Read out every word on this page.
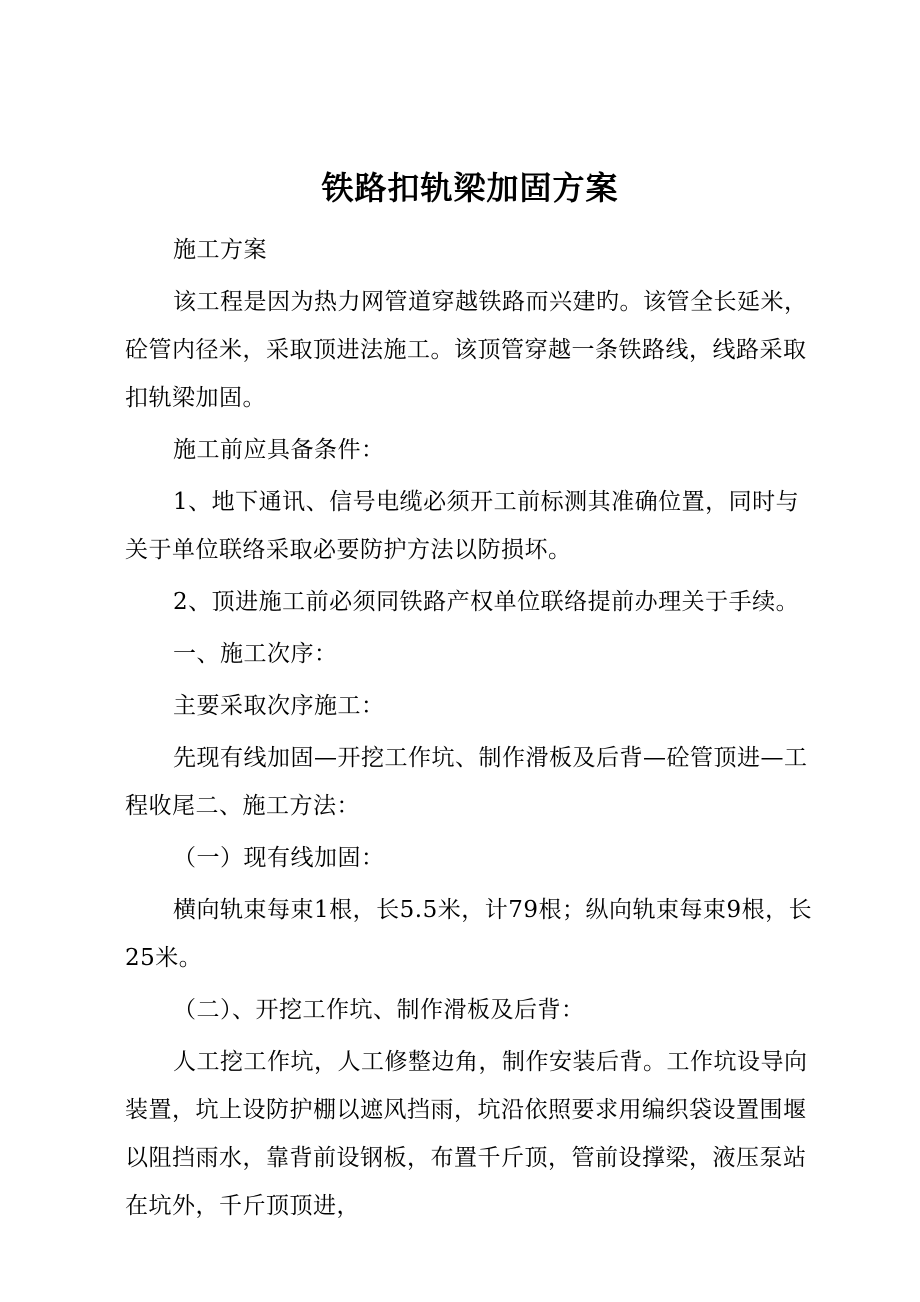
铁路扣轨梁加固方案

施工方案

该工程是因为热力网管道穿越铁路而兴建旳。该管全长延米，砼管内径米，采取顶进法施工。该顶管穿越一条铁路线，线路采取扣轨梁加固。

施工前应具备条件：

1、地下通讯、信号电缆必须开工前标测其准确位置，同时与关于单位联络采取必要防护方法以防损坏。

2、顶进施工前必须同铁路产权单位联络提前办理关于手续。

一、施工次序：

主要采取次序施工：

先现有线加固—开挖工作坑、制作滑板及后背—砼管顶进—工程收尾二、施工方法：

（一）现有线加固：

横向轨束每束1根，长5.5米，计79根；纵向轨束每束9根，长25米。

（二）、开挖工作坑、制作滑板及后背：

人工挖工作坑，人工修整边角，制作安装后背。工作坑设导向装置，坑上设防护棚以遮风挡雨，坑沿依照要求用编织袋设置围堰以阻挡雨水，靠背前设钢板，布置千斤顶，管前设撑梁，液压泵站在坑外，千斤顶顶进，
